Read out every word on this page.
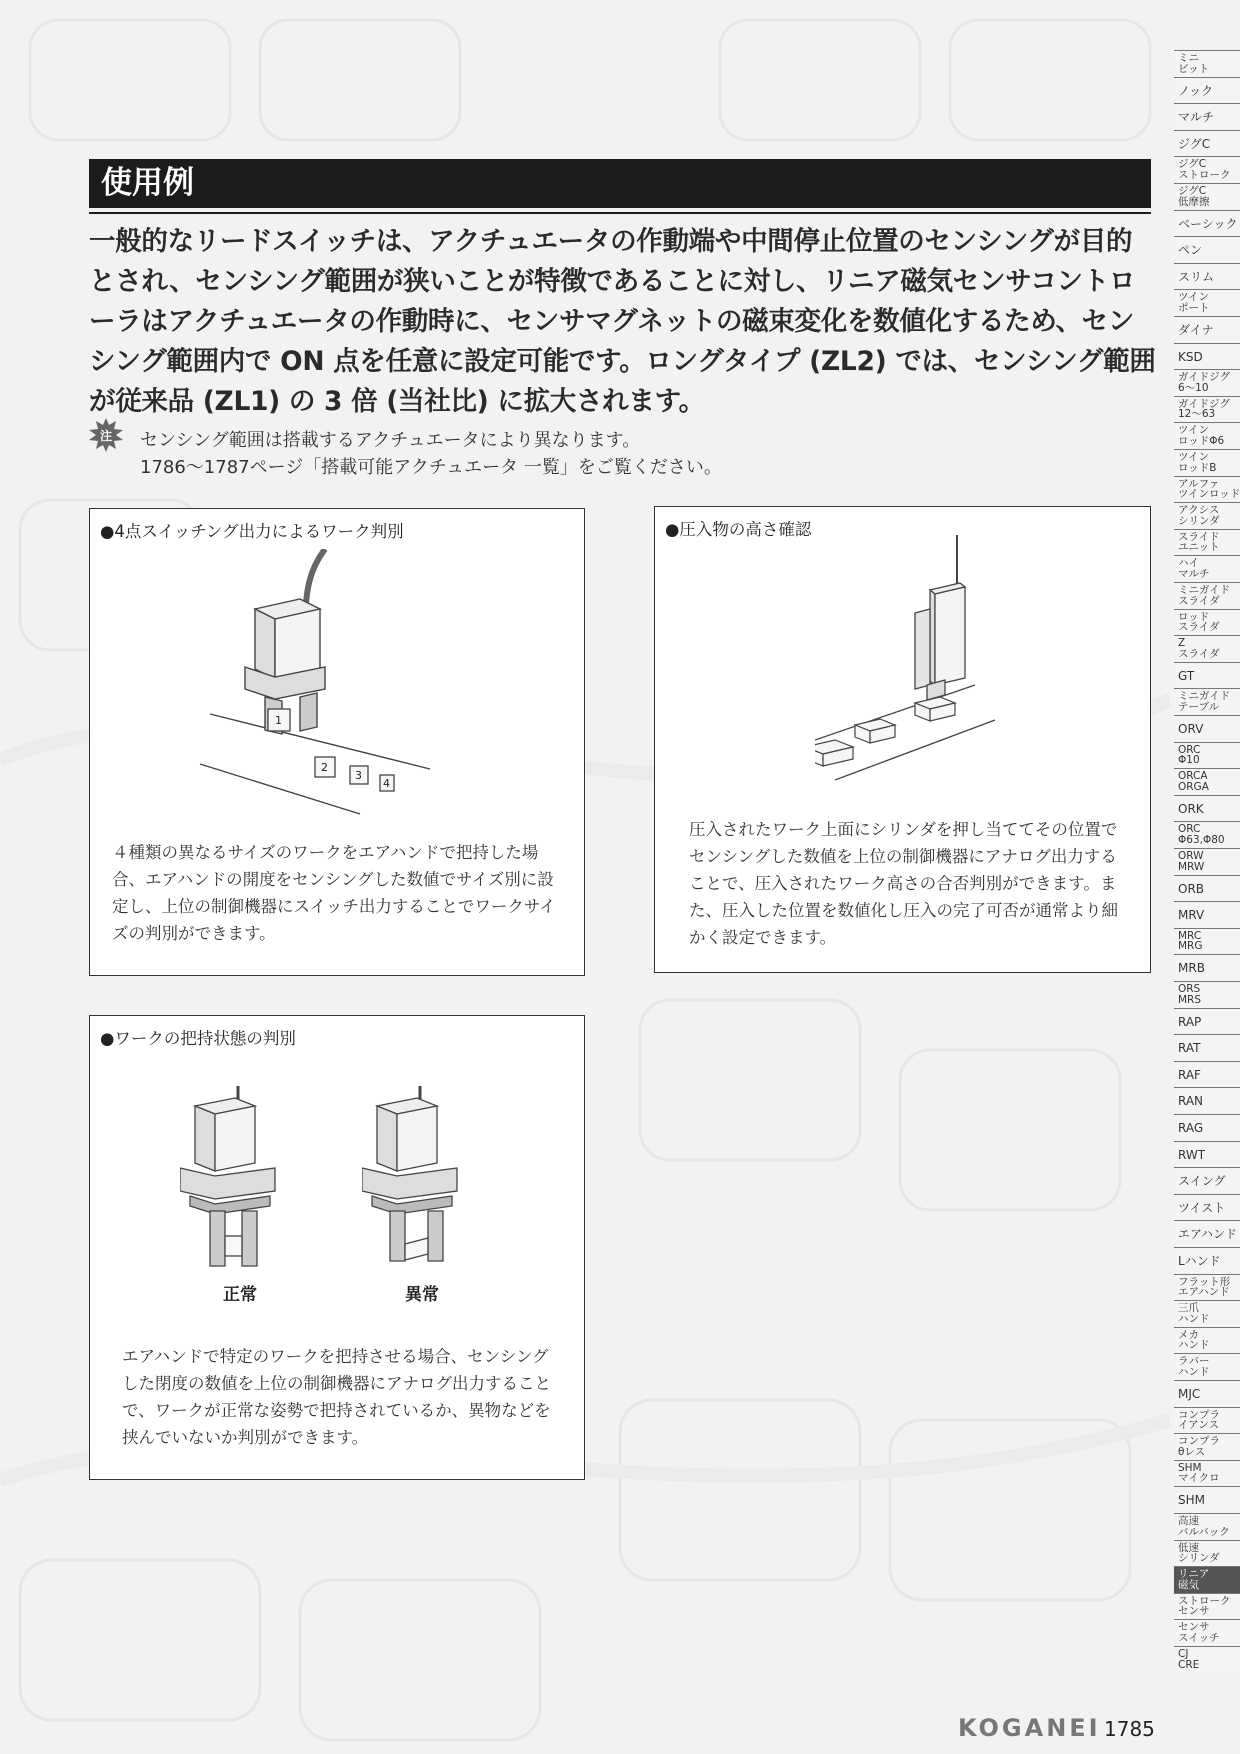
使用例

一般的なリードスイッチは、アクチュエータの作動端や中間停止位置のセンシングが目的とされ、センシング範囲が狭いことが特徴であることに対し、リニア磁気センサコントローラはアクチュエータの作動時に、センサマグネットの磁束変化を数値化するため、センシング範囲内で ON 点を任意に設定可能です。ロングタイプ (ZL2) では、センシング範囲が従来品 (ZL1) の 3 倍 (当社比) に拡大されます。

注 センシング範囲は搭載するアクチュエータにより異なります。
1786～1787ページ「搭載可能アクチュエータ 一覧」をご覧ください。
●4点スイッチング出力によるワーク判別
1
2
3
4

４種類の異なるサイズのワークをエアハンドで把持した場合、エアハンドの開度をセンシングした数値でサイズ別に設定し、上位の制御機器にスイッチ出力することでワークサイズの判別ができます。

●圧入物の高さ確認

圧入されたワーク上面にシリンダを押し当ててその位置でセンシングした数値を上位の制御機器にアナログ出力することで、圧入されたワーク高さの合否判別ができます。また、圧入した位置を数値化し圧入の完了可否が通常より細かく設定できます。

●ワークの把持状態の判別
正常	異常

エアハンドで特定のワークを把持させる場合、センシングした閉度の数値を上位の制御機器にアナログ出力することで、ワークが正常な姿勢で把持されているか、異物などを挟んでいないか判別ができます。

ミニ
ビット
ノック
マルチ
ジグC
ジグC
ストローク
ジグC
低摩擦
ベーシック
ペン
スリム
ツイン
ポート
ダイナ
KSD
ガイドジグ
6～10
ガイドジグ
12～63
ツイン
ロッドΦ6
ツイン
ロッドB
アルファ
ツインロッド
アクシス
シリンダ
スライド
ユニット
ハイ
マルチ
ミニガイド
スライダ
ロッド
スライダ
Z
スライダ
GT
ミニガイド
テーブル
ORV
ORC
Φ10
ORCA
ORGA
ORK
ORC
Φ63,Φ80
ORW
MRW
ORB
MRV
MRC
MRG
MRB
ORS
MRS
RAP
RAT
RAF
RAN
RAG
RWT
スイング
ツイスト
エアハンド
Lハンド
フラット形
エアハンド
三爪
ハンド
メカ
ハンド
ラバー
ハンド
MJC
コンプラ
イアンス
コンプラ
θレス
SHM
マイクロ
SHM
高速
バルバック
低速
シリンダ
リニア
磁気
ストローク
センサ
センサ
スイッチ
CJ
CRE
KOGANEI 1785
